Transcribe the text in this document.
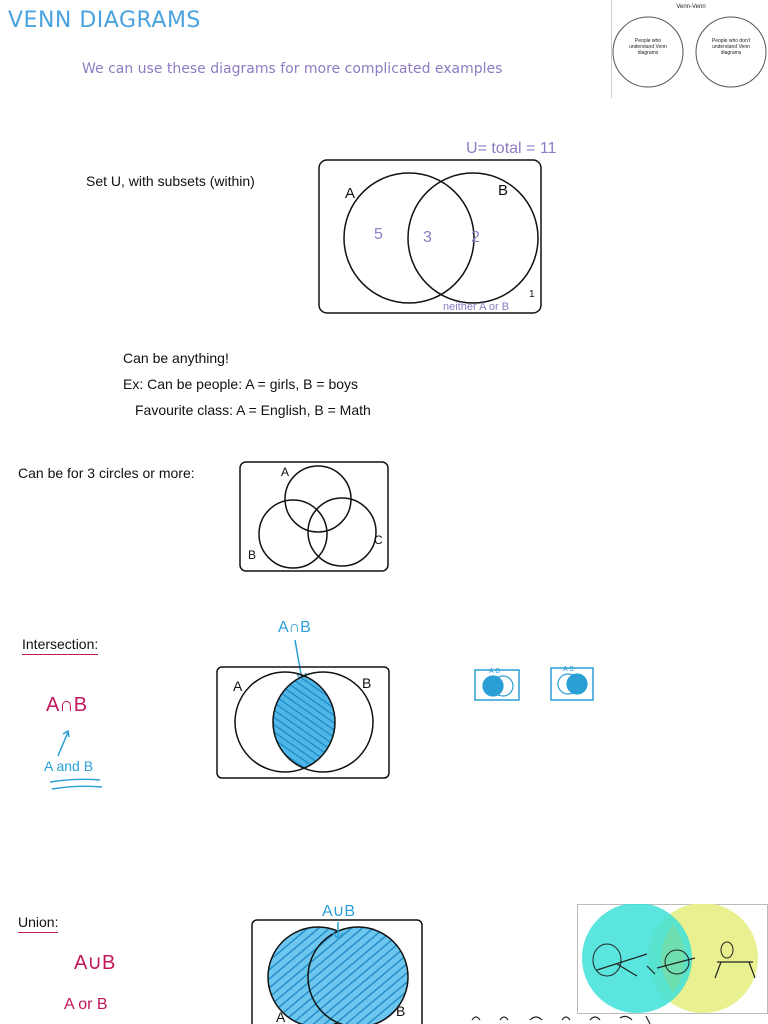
VENN DIAGRAMS
We can use these diagrams for more complicated examples
Venn-Venn
People who understand Venn diagrams
People who don't understand Venn diagrams
Set U, with subsets (within)
U= total = 11
A	B
5	3 2
neither A or B
1
Can be anything!
Ex: Can be people: A = girls, B = boys
Favourite class: A = English, B = Math
Can be for 3 circles or more:	A
B
C
Intersection:
A∩B
A and B
A∩B
A	B
A B	A B
Union:
A∪B
A or B
A∪B
A	B
